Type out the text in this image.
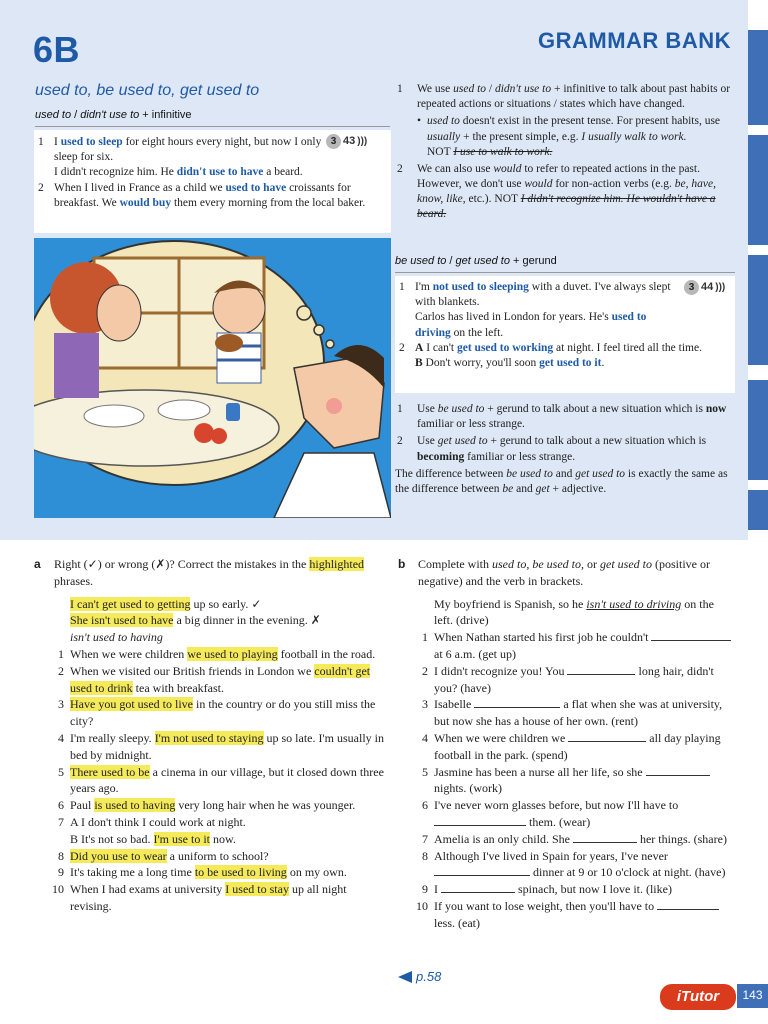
6B	GRAMMAR BANK
used to, be used to, get used to
used to / didn't use to + infinitive
1 I used to sleep for eight hours every night, but now I only sleep for six.
I didn't recognize him. He didn't use to have a beard.
2 When I lived in France as a child we used to have croissants for breakfast. We would buy them every morning from the local baker.
3 43 )))

1 We use used to / didn't use to + infinitive to talk about past habits or repeated actions or situations / states which have changed.

• used to doesn't exist in the present tense. For present habits, use usually + the present simple, e.g. I usually walk to work.
NOT I use to walk to work.

2 We can also use would to refer to repeated actions in the past. However, we don't use would for non-action verbs (e.g. be, have, know, like, etc.). NOT I didn't recognize him. He wouldn't have a beard.

be used to / get used to + gerund
1 I'm not used to sleeping with a duvet. I've always slept with blankets.
Carlos has lived in London for years. He's used to driving on the left.
2 A I can't get used to working at night. I feel tired all the time.
B Don't worry, you'll soon get used to it.
3 44 )))

1 Use be used to + gerund to talk about a new situation which is now familiar or less strange.

2 Use get used to + gerund to talk about a new situation which is becoming familiar or less strange.

The difference between be used to and get used to is exactly the same as the difference between be and get + adjective.

a Right (✓) or wrong (✗)? Correct the mistakes in the highlighted phrases.
I can't get used to getting up so early. ✓
She isn't used to have a big dinner in the evening. ✗
isn't used to having
1 When we were children we used to playing football in the road.
2 When we visited our British friends in London we couldn't get used to drink tea with breakfast.
3 Have you got used to live in the country or do you still miss the city?
4 I'm really sleepy. I'm not used to staying up so late. I'm usually in bed by midnight.
5 There used to be a cinema in our village, but it closed down three years ago.
6 Paul is used to having very long hair when he was younger.
7 A I don't think I could work at night.
B It's not so bad. I'm use to it now.
8 Did you use to wear a uniform to school?
9 It's taking me a long time to be used to living on my own.
10 When I had exams at university I used to stay up all night revising.
b Complete with used to, be used to, or get used to (positive or negative) and the verb in brackets.
My boyfriend is Spanish, so he isn't used to driving on the left. (drive)
1 When Nathan started his first job he couldn't  at 6 a.m. (get up)
2 I didn't recognize you! You	long hair, didn't you? (have)
3 Isabelle	a flat when she was at university, but now she has a house of her own. (rent)
4 When we were children we	all day playing football in the park. (spend)
5 Jasmine has been a nurse all her life, so she  nights. (work)
6 I've never worn glasses before, but now I'll have to  them. (wear)
7 Amelia is an only child. She	her things. (share)
8 Although I've lived in Spain for years, I've never  dinner at 9 or 10 o'clock at night. (have)
9 I	spinach, but now I love it. (like)
10 If you want to lose weight, then you'll have to  less. (eat)
p.58
iTutor	143
